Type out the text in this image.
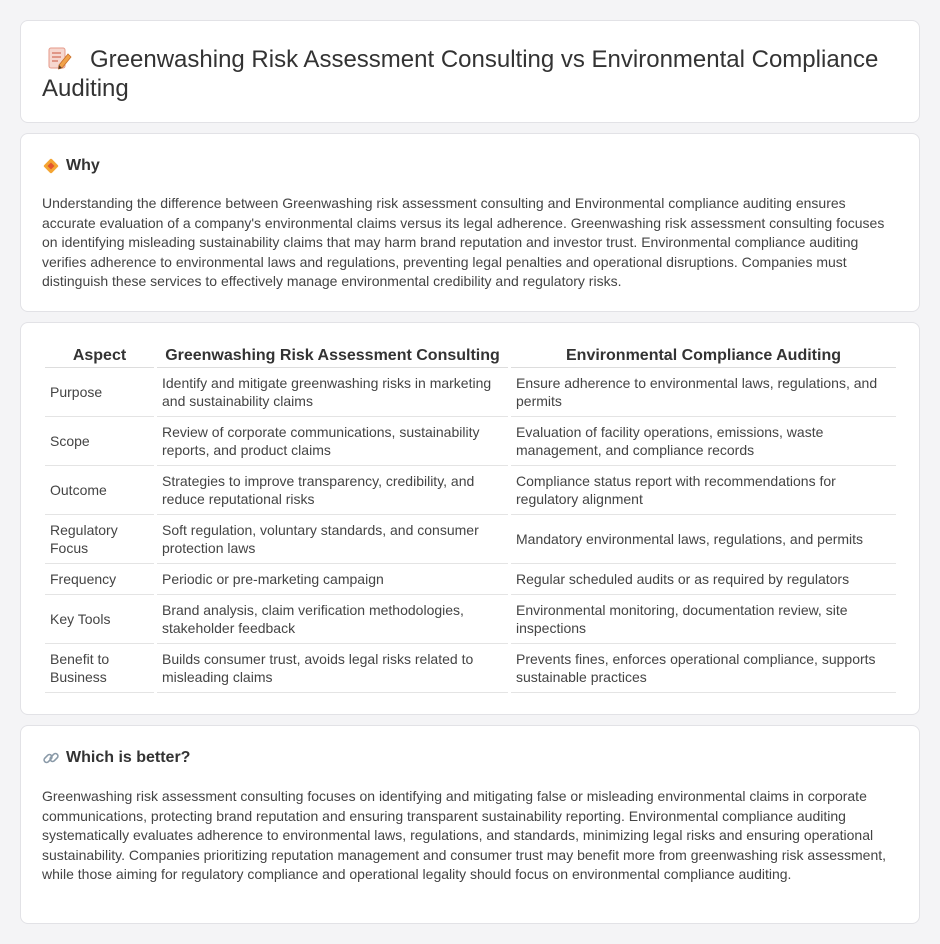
Greenwashing Risk Assessment Consulting vs Environmental Compliance Auditing
Why

Understanding the difference between Greenwashing risk assessment consulting and Environmental compliance auditing ensures accurate evaluation of a company's environmental claims versus its legal adherence. Greenwashing risk assessment consulting focuses on identifying misleading sustainability claims that may harm brand reputation and investor trust. Environmental compliance auditing verifies adherence to environmental laws and regulations, preventing legal penalties and operational disruptions. Companies must distinguish these services to effectively manage environmental credibility and regulatory risks.

Aspect	Greenwashing Risk Assessment Consulting	Environmental Compliance Auditing
Purpose	Identify and mitigate greenwashing risks in marketing and sustainability claims	Ensure adherence to environmental laws, regulations, and permits
Scope	Review of corporate communications, sustainability reports, and product claims	Evaluation of facility operations, emissions, waste management, and compliance records
Outcome	Strategies to improve transparency, credibility, and reduce reputational risks	Compliance status report with recommendations for regulatory alignment
Regulatory Focus	Soft regulation, voluntary standards, and consumer protection laws	Mandatory environmental laws, regulations, and permits
Frequency	Periodic or pre-marketing campaign	Regular scheduled audits or as required by regulators
Key Tools	Brand analysis, claim verification methodologies, stakeholder feedback	Environmental monitoring, documentation review, site inspections
Benefit to Business	Builds consumer trust, avoids legal risks related to misleading claims	Prevents fines, enforces operational compliance, supports sustainable practices
Which is better?

Greenwashing risk assessment consulting focuses on identifying and mitigating false or misleading environmental claims in corporate communications, protecting brand reputation and ensuring transparent sustainability reporting. Environmental compliance auditing systematically evaluates adherence to environmental laws, regulations, and standards, minimizing legal risks and ensuring operational sustainability. Companies prioritizing reputation management and consumer trust may benefit more from greenwashing risk assessment, while those aiming for regulatory compliance and operational legality should focus on environmental compliance auditing.
